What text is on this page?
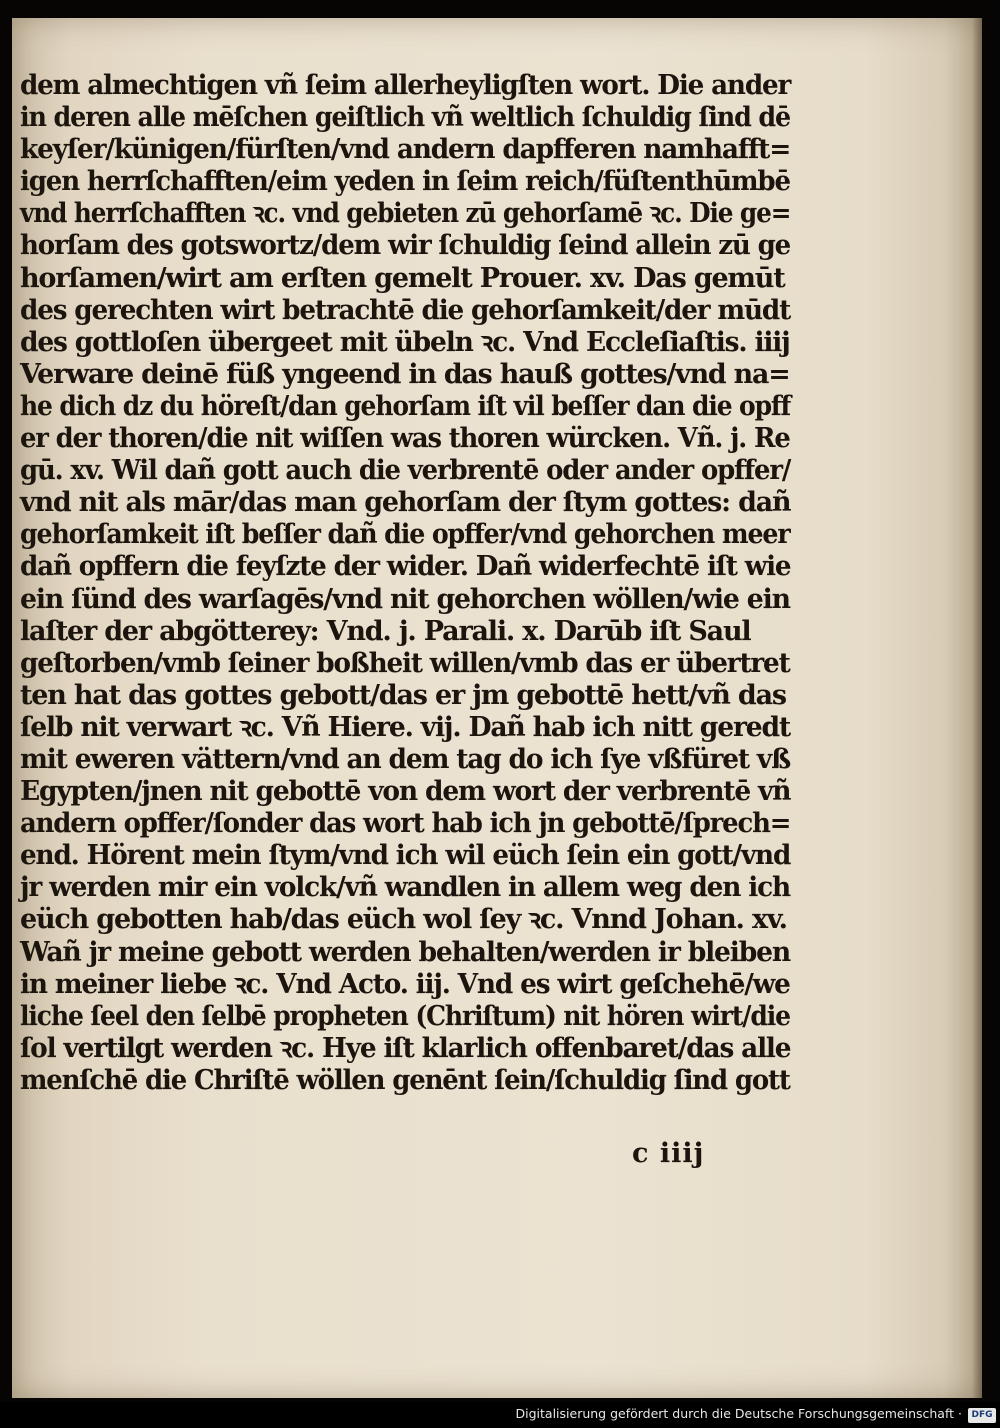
dem almechtigen vñ ſeim allerheyligſten wort. Die ander
in deren alle mēſchen geiſtlich vñ weltlich ſchuldig ſind dē
keyſer/künigen/fürſten/vnd andern dapfferen namhafft=
igen herrſchafften/eim yeden in ſeim reich/füſtenthūmbē
vnd herrſchafften ꝛc. vnd gebieten zū gehorſamē ꝛc. Die ge=
horſam des gotswortz/dem wir ſchuldig ſeind allein zū ge
horſamen/wirt am erſten gemelt Prouer. xv. Das gemūt
des gerechten wirt betrachtē die gehorſamkeit/der mūdt
des gottloſen übergeet mit übeln ꝛc. Vnd Eccleſiaſtis. iiij
Verware deinē füß yngeend in das hauß gottes/vnd na=
he dich dz du höreſt/dan gehorſam iſt vil beſſer dan die opff
er der thoren/die nit wiſſen was thoren würcken. Vñ. j. Re
gū. xv. Wil dañ gott auch die verbrentē oder ander opffer/
vnd nit als mār/das man gehorſam der ſtym gottes: dañ
gehorſamkeit iſt beſſer dañ die opffer/vnd gehorchen meer
dañ opffern die feyſzte der wider. Dañ widerfechtē iſt wie
ein ſünd des warſagēs/vnd nit gehorchen wöllen/wie ein
laſter der abgötterey: Vnd. j. Parali. x. Darūb iſt Saul
geſtorben/vmb ſeiner boßheit willen/vmb das er übertret
ten hat das gottes gebott/das er jm gebottē hett/vñ das
ſelb nit verwart ꝛc. Vñ Hiere. vij. Dañ hab ich nitt geredt
mit eweren vättern/vnd an dem tag do ich ſye vßfüret vß
Egypten/jnen nit gebottē von dem wort der verbrentē vñ
andern opffer/ſonder das wort hab ich jn gebottē/ſprech=
end. Hörent mein ſtym/vnd ich wil eüch ſein ein gott/vnd
jr werden mir ein volck/vñ wandlen in allem weg den ich
eüch gebotten hab/das eüch wol ſey ꝛc. Vnnd Johan. xv.
Wañ jr meine gebott werden behalten/werden ir bleiben
in meiner liebe ꝛc. Vnd Acto. iij. Vnd es wirt geſchehē/we
liche ſeel den ſelbē propheten (Chriſtum) nit hören wirt/die
ſol vertilgt werden ꝛc. Hye iſt klarlich offenbaret/das alle
menſchē die Chriſtē wöllen genēnt ſein/ſchuldig ſind gott
c iiij
Digitalisierung gefördert durch die Deutsche Forschungsgemeinschaft ·	DFG
